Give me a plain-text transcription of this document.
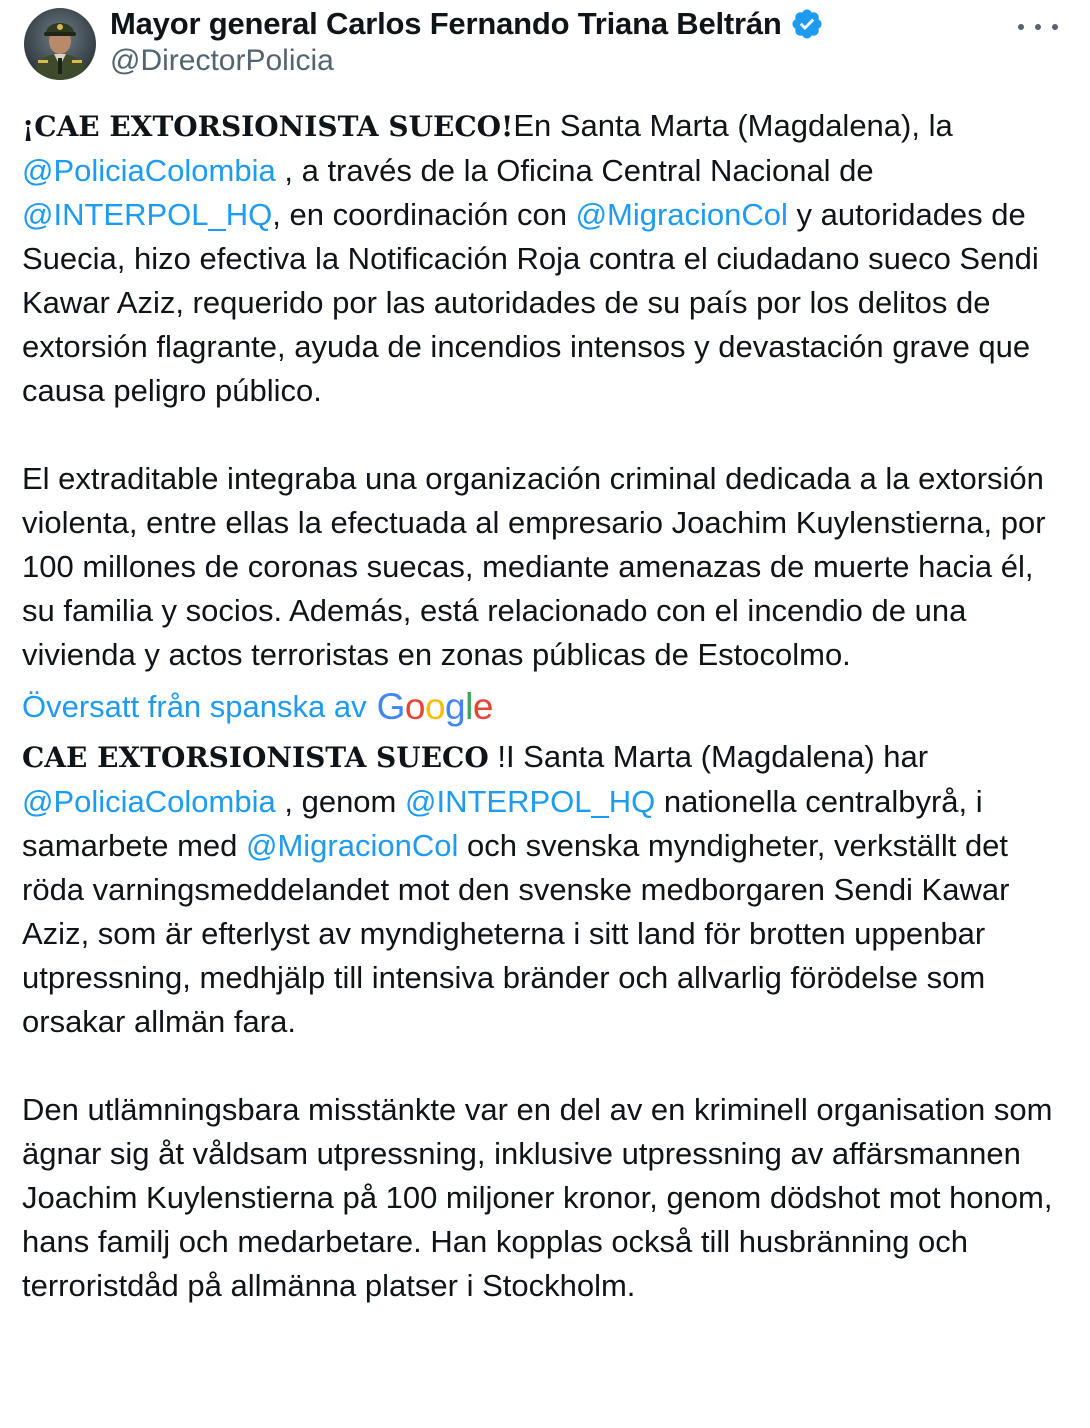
Mayor general Carlos Fernando Triana Beltrán
@DirectorPolicia

¡CAE EXTORSIONISTA SUECO!En Santa Marta (Magdalena), la
@PoliciaColombia , a través de la Oficina Central Nacional de
@INTERPOL_HQ, en coordinación con @MigracionCol y autoridades de Suecia, hizo efectiva la Notificación Roja contra el ciudadano sueco Sendi Kawar Aziz, requerido por las autoridades de su país por los delitos de extorsión flagrante, ayuda de incendios intensos y devastación grave que causa peligro público.

El extraditable integraba una organización criminal dedicada a la extorsión violenta, entre ellas la efectuada al empresario Joachim Kuylenstierna, por 100 millones de coronas suecas, mediante amenazas de muerte hacia él, su familia y socios. Además, está relacionado con el incendio de una vivienda y actos terroristas en zonas públicas de Estocolmo.

Översatt från spanska av Google

CAE EXTORSIONISTA SUECO !I Santa Marta (Magdalena) har
@PoliciaColombia , genom @INTERPOL_HQ nationella centralbyrå, i samarbete med @MigracionCol och svenska myndigheter, verkställt det röda varningsmeddelandet mot den svenske medborgaren Sendi Kawar Aziz, som är efterlyst av myndigheterna i sitt land för brotten uppenbar utpressning, medhjälp till intensiva bränder och allvarlig förödelse som orsakar allmän fara.

Den utlämningsbara misstänkte var en del av en kriminell organisation som ägnar sig åt våldsam utpressning, inklusive utpressning av affärsmannen Joachim Kuylenstierna på 100 miljoner kronor, genom dödshot mot honom, hans familj och medarbetare. Han kopplas också till husbränning och terroristdåd på allmänna platser i Stockholm.
